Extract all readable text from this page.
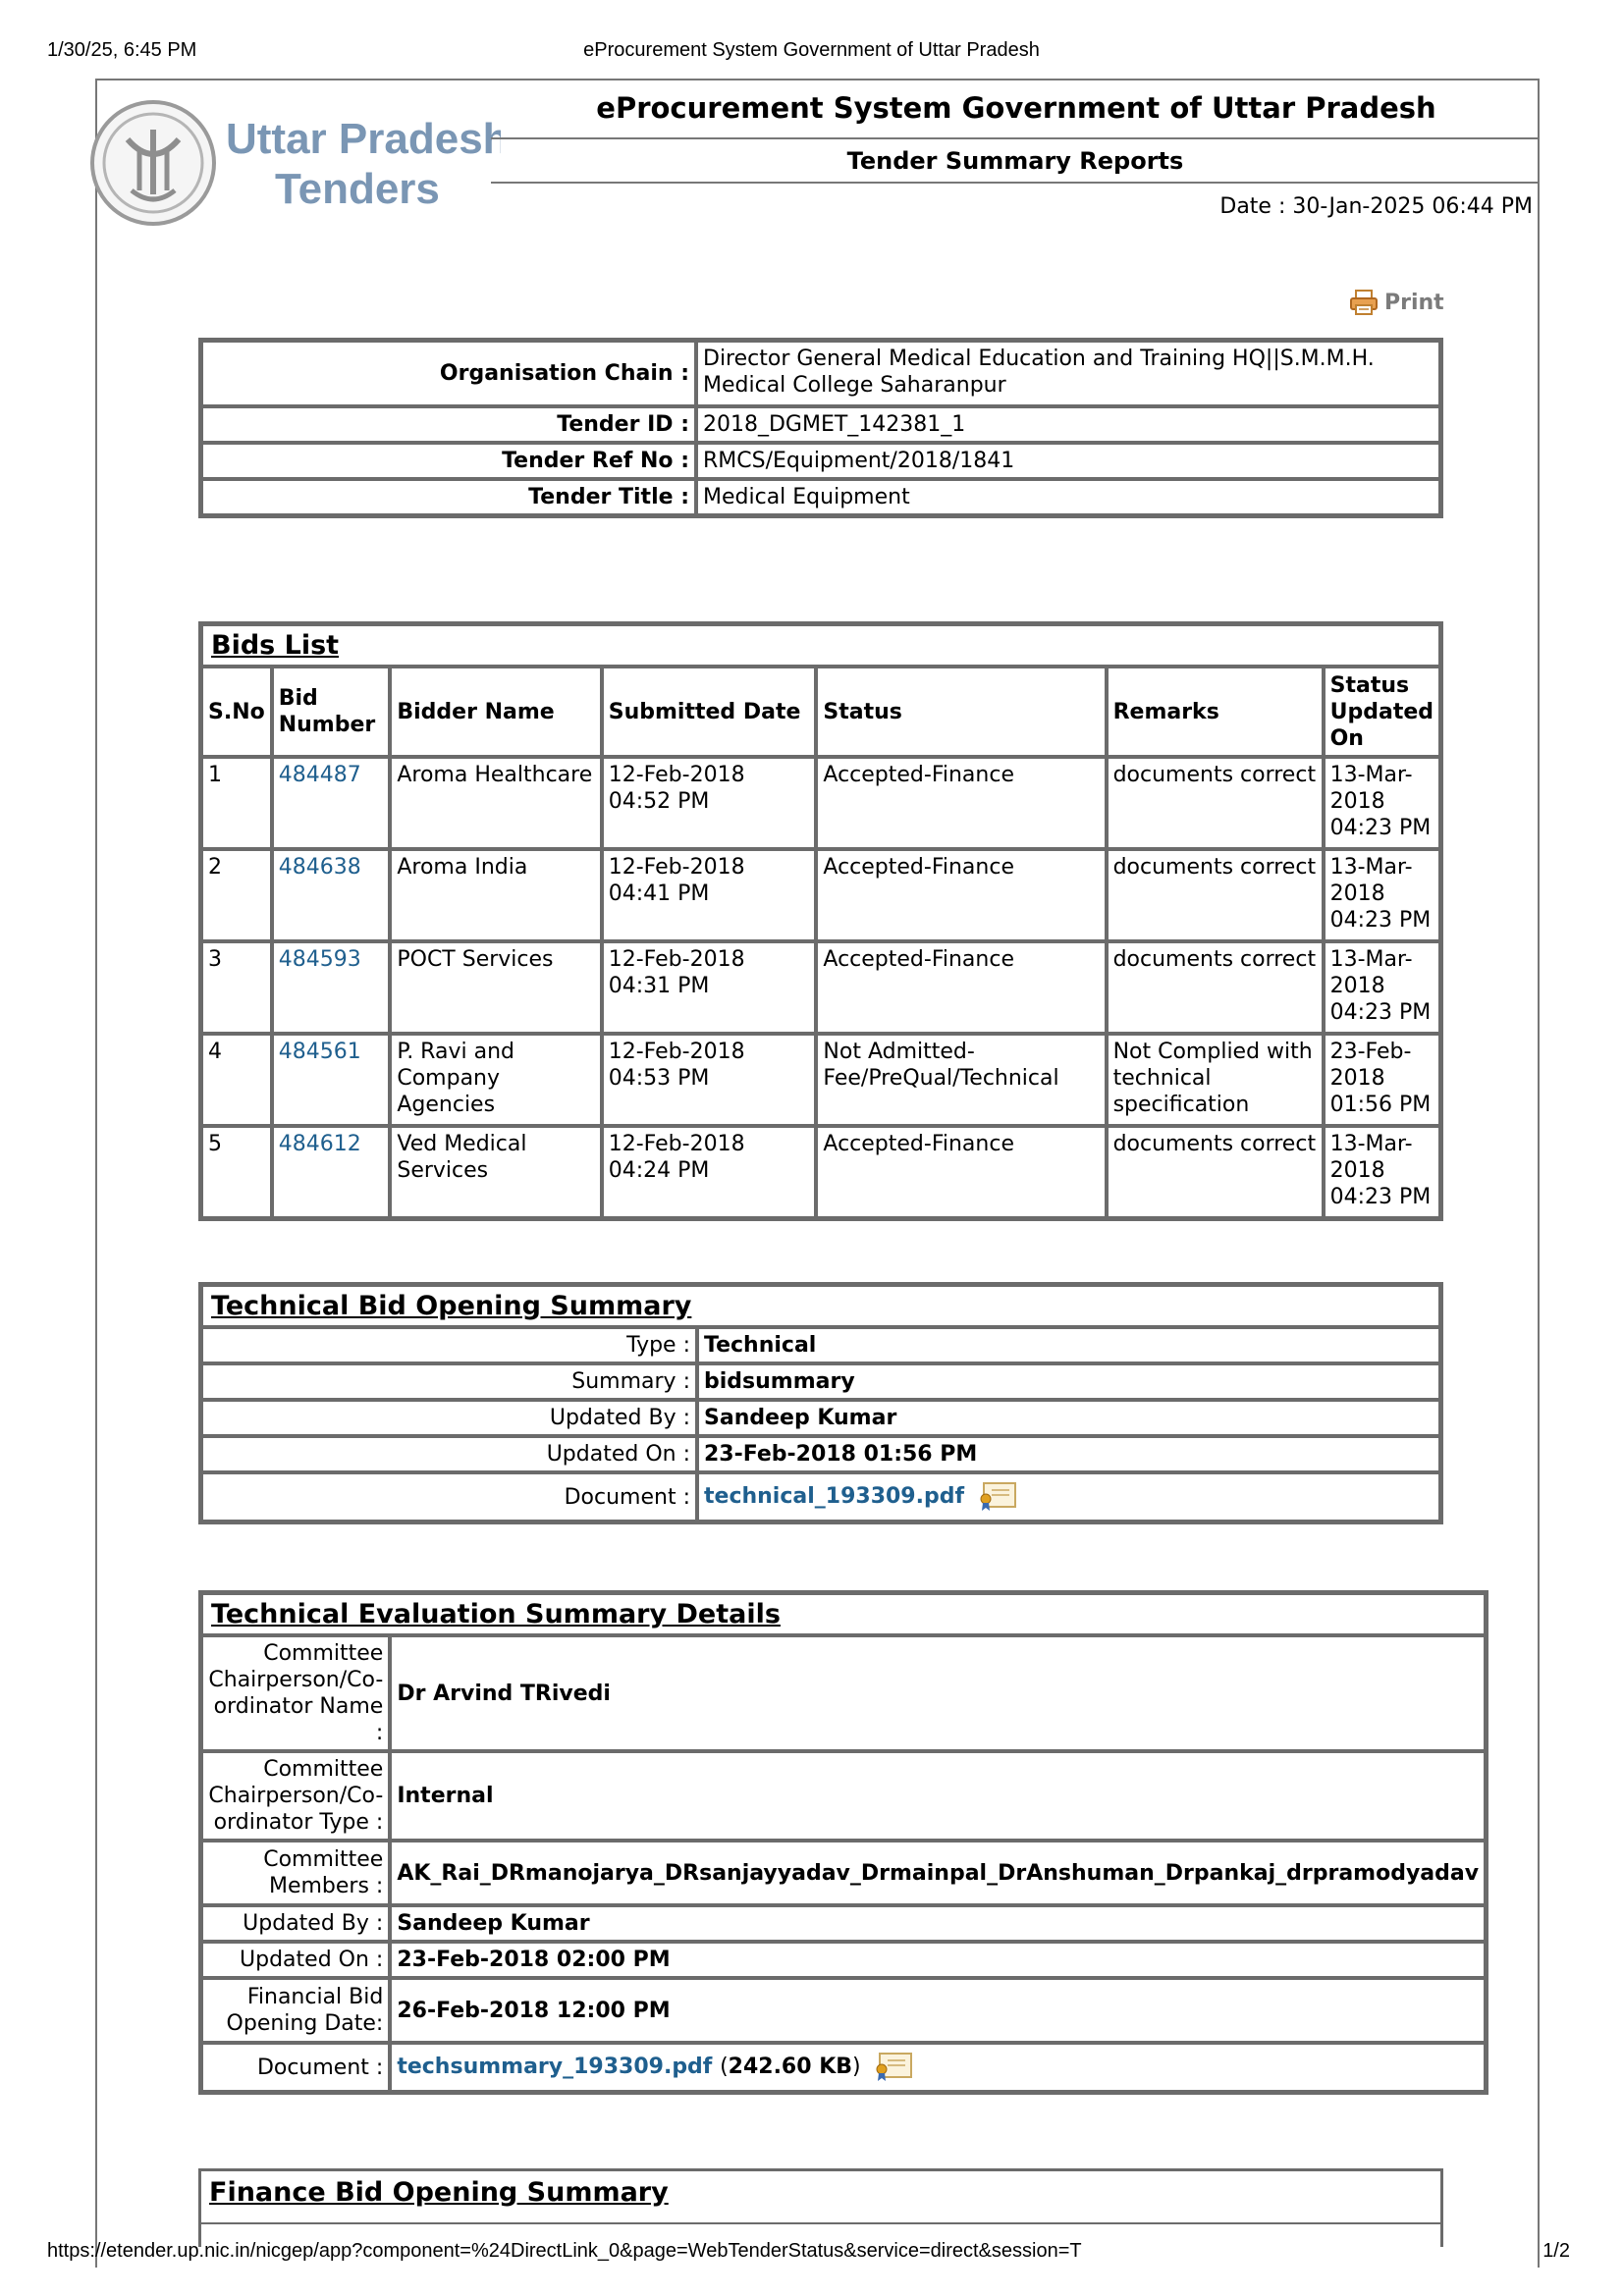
1/30/25, 6:45 PM	eProcurement System Government of Uttar Pradesh
Uttar Pradesh
Tenders
eProcurement System Government of Uttar Pradesh
Tender Summary Reports
Date : 30-Jan-2025 06:44 PM
Print
Organisation Chain :	Director General Medical Education and Training HQ||S.M.M.H. Medical College Saharanpur
Tender ID :	2018_DGMET_142381_1
Tender Ref No :	RMCS/Equipment/2018/1841
Tender Title :	Medical Equipment
Bids List						
S.No	Bid Number	Bidder Name	Submitted Date	Status	Remarks	Status Updated On
1	484487	Aroma Healthcare	12-Feb-2018 04:52 PM	Accepted-Finance	documents correct	13-Mar-2018 04:23 PM
2	484638	Aroma India	12-Feb-2018 04:41 PM	Accepted-Finance	documents correct	13-Mar-2018 04:23 PM
3	484593	POCT Services	12-Feb-2018 04:31 PM	Accepted-Finance	documents correct	13-Mar-2018 04:23 PM
4	484561	P. Ravi and Company Agencies	12-Feb-2018 04:53 PM	Not Admitted-Fee/PreQual/Technical	Not Complied with technical specification	23-Feb-2018 01:56 PM
5	484612	Ved Medical Services	12-Feb-2018 04:24 PM	Accepted-Finance	documents correct	13-Mar-2018 04:23 PM
Technical Bid Opening Summary	
Type :	Technical
Summary :	bidsummary
Updated By :	Sandeep Kumar
Updated On :	23-Feb-2018 01:56 PM
Document :	technical_193309.pdf
Technical Evaluation Summary Details	
Committee Chairperson/Co-ordinator Name :	Dr Arvind TRivedi
Committee Chairperson/Co-ordinator Type :	Internal
Committee Members :	AK_Rai_DRmanojarya_DRsanjayyadav_Drmainpal_DrAnshuman_Drpankaj_drpramodyadav
Updated By :	Sandeep Kumar
Updated On :	23-Feb-2018 02:00 PM
Financial Bid Opening Date:	26-Feb-2018 12:00 PM
Document :	techsummary_193309.pdf (242.60 KB)
Finance Bid Opening Summary
https://etender.up.nic.in/nicgep/app?component=%24DirectLink_0&page=WebTenderStatus&service=direct&session=T	1/2
